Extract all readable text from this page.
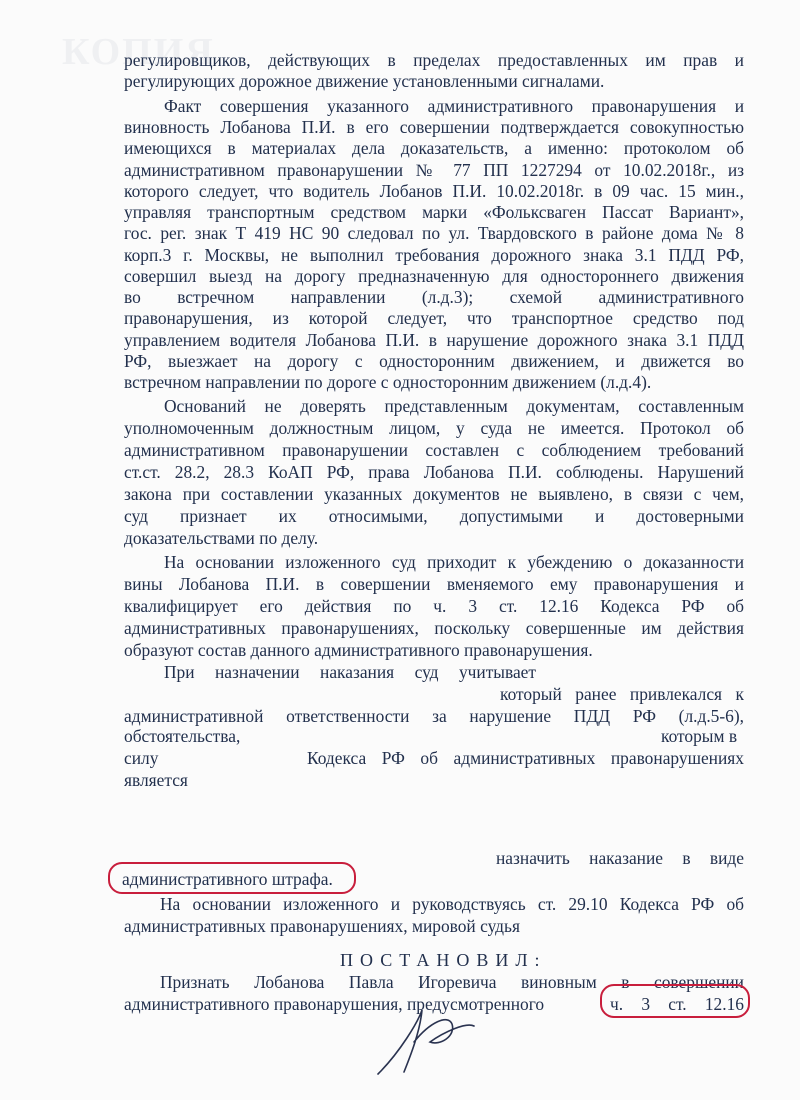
КОПИЯ
регулировщиков, действующих в пределах предоставленных им прав и
регулирующих дорожное движение установленными сигналами.
Факт совершения указанного административного правонарушения и
виновность Лобанова П.И. в его совершении подтверждается совокупностью
имеющихся в материалах дела доказательств, а именно: протоколом об
административном правонарушении № 77 ПП 1227294 от 10.02.2018г., из
которого следует, что водитель Лобанов П.И. 10.02.2018г. в 09 час. 15 мин.,
управляя транспортным средством марки «Фольксваген Пассат Вариант»,
гос. рег. знак Т 419 НС 90 следовал по ул. Твардовского в районе дома № 8
корп.3 г. Москвы, не выполнил требования дорожного знака 3.1 ПДД РФ,
совершил выезд на дорогу предназначенную для одностороннего движения
во встречном направлении (л.д.3); схемой административного
правонарушения, из которой следует, что транспортное средство под
управлением водителя Лобанова П.И. в нарушение дорожного знака 3.1 ПДД
РФ, выезжает на дорогу с односторонним движением, и движется во
встречном направлении по дороге с односторонним движением (л.д.4).
Оснований не доверять представленным документам, составленным
уполномоченным должностным лицом, у суда не имеется. Протокол об
административном правонарушении составлен с соблюдением требований
ст.ст. 28.2, 28.3 КоАП РФ, права Лобанова П.И. соблюдены. Нарушений
закона при составлении указанных документов не выявлено, в связи с чем,
суд признает их относимыми, допустимыми и достоверными
доказательствами по делу.
На основании изложенного суд приходит к убеждению о доказанности
вины Лобанова П.И. в совершении вменяемого ему правонарушения и
квалифицирует его действия по ч. 3 ст. 12.16 Кодекса РФ об
административных правонарушениях, поскольку совершенные им действия
образуют состав данного административного правонарушения.
При назначении наказания суд учитывает
который ранее привлекался к
административной ответственности за нарушение ПДД РФ (л.д.5-6),
обстоятельства,	которым в
силу	Кодекса РФ об административных правонарушениях
является
назначить наказание в виде
административного штрафа.
На основании изложенного и руководствуясь ст. 29.10 Кодекса РФ об
административных правонарушениях, мировой судья
ПОСТАНОВИЛ:
Признать Лобанова Павла Игоревича виновным в совершении
административного правонарушения, предусмотренного	ч. 3 ст. 12.16
